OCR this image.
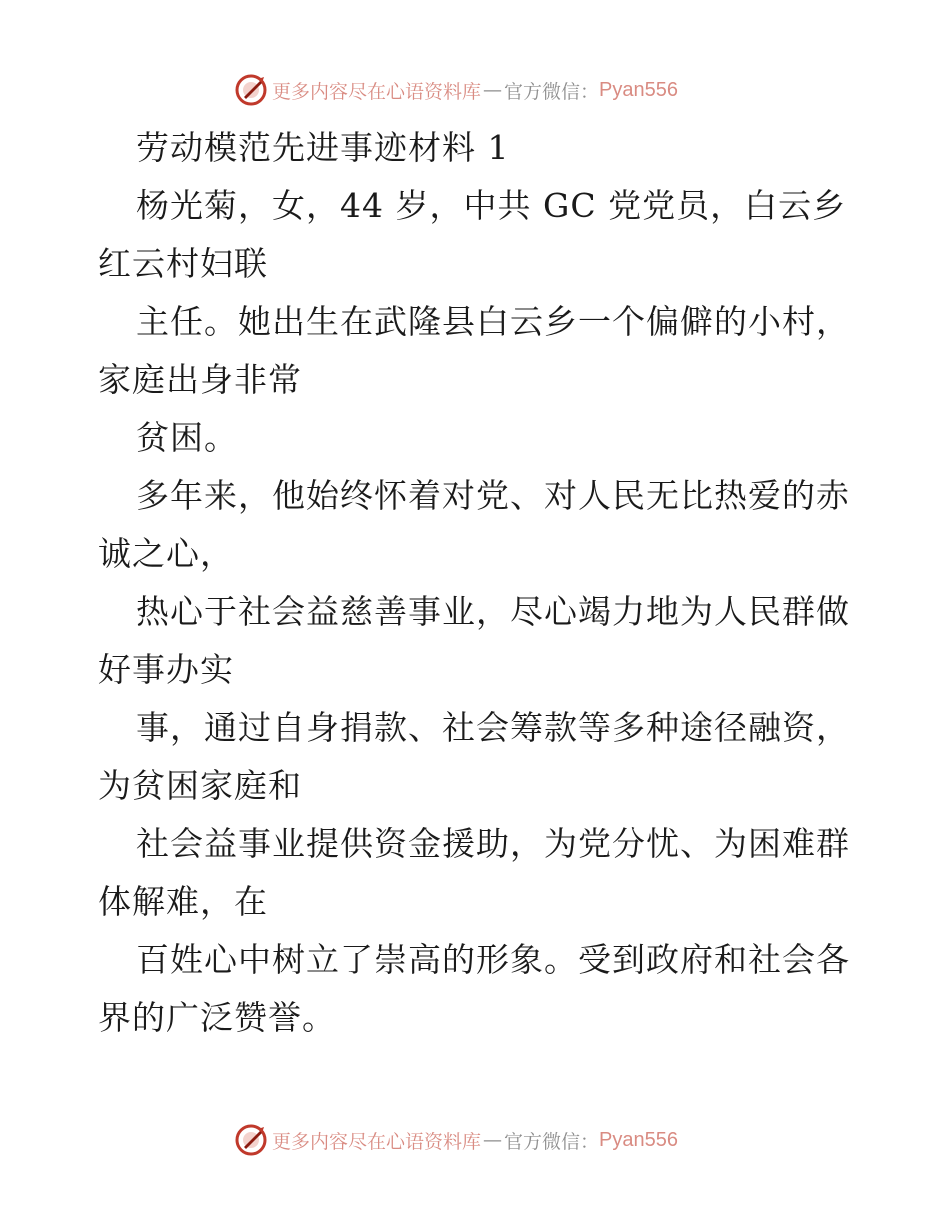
更多内容尽在心语资料库 — 官方微信： Pyan556
劳动模范先进事迹材料 1
杨光菊，女，44 岁，中共 GC 党党员，白云乡
红云村妇联
主任。她出生在武隆县白云乡一个偏僻的小村，
家庭出身非常
贫困。
多年来，他始终怀着对党、对人民无比热爱的赤
诚之心，
热心于社会益慈善事业，尽心竭力地为人民群做
好事办实
事，通过自身捐款、社会筹款等多种途径融资，
为贫困家庭和
社会益事业提供资金援助，为党分忧、为困难群
体解难，在
百姓心中树立了崇高的形象。受到政府和社会各
界的广泛赞誉。
更多内容尽在心语资料库 — 官方微信： Pyan556
